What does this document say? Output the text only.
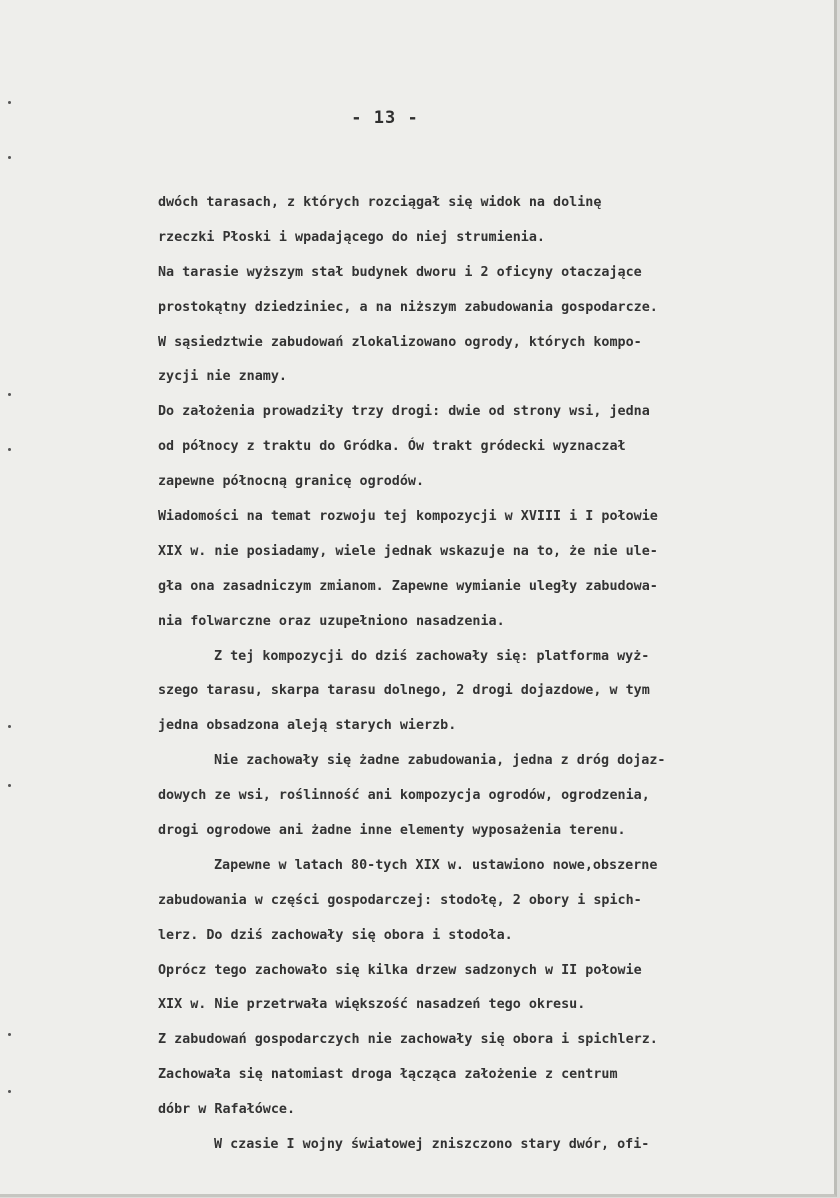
- 13 -
dwóch tarasach, z których rozciągał się widok na dolinę
rzeczki Płoski i wpadającego do niej strumienia.
Na tarasie wyższym stał budynek dworu i 2 oficyny otaczające
prostokątny dziedziniec, a na niższym zabudowania gospodarcze.
W sąsiedztwie zabudowań zlokalizowano ogrody, których kompo-
zycji nie znamy.
Do założenia prowadziły trzy drogi: dwie od strony wsi, jedna
od północy z traktu do Gródka. Ów trakt gródecki wyznaczał
zapewne północną granicę ogrodów.
Wiadomości na temat rozwoju tej kompozycji w XVIII i I połowie
XIX w. nie posiadamy, wiele jednak wskazuje na to, że nie ule-
gła ona zasadniczym zmianom. Zapewne wymianie uległy zabudowa-
nia folwarczne oraz uzupełniono nasadzenia.
Z tej kompozycji do dziś zachowały się: platforma wyż-
szego tarasu, skarpa tarasu dolnego, 2 drogi dojazdowe, w tym
jedna obsadzona aleją starych wierzb.
Nie zachowały się żadne zabudowania, jedna z dróg dojaz-
dowych ze wsi, roślinność ani kompozycja ogrodów, ogrodzenia,
drogi ogrodowe ani żadne inne elementy wyposażenia terenu.
Zapewne w latach 80-tych XIX w. ustawiono nowe,obszerne
zabudowania w części gospodarczej: stodołę, 2 obory i spich-
lerz. Do dziś zachowały się obora i stodoła.
Oprócz tego zachowało się kilka drzew sadzonych w II połowie
XIX w. Nie przetrwała większość nasadzeń tego okresu.
Z zabudowań gospodarczych nie zachowały się obora i spichlerz.
Zachowała się natomiast droga łącząca założenie z centrum
dóbr w Rafałówce.
W czasie I wojny światowej zniszczono stary dwór, ofi-
